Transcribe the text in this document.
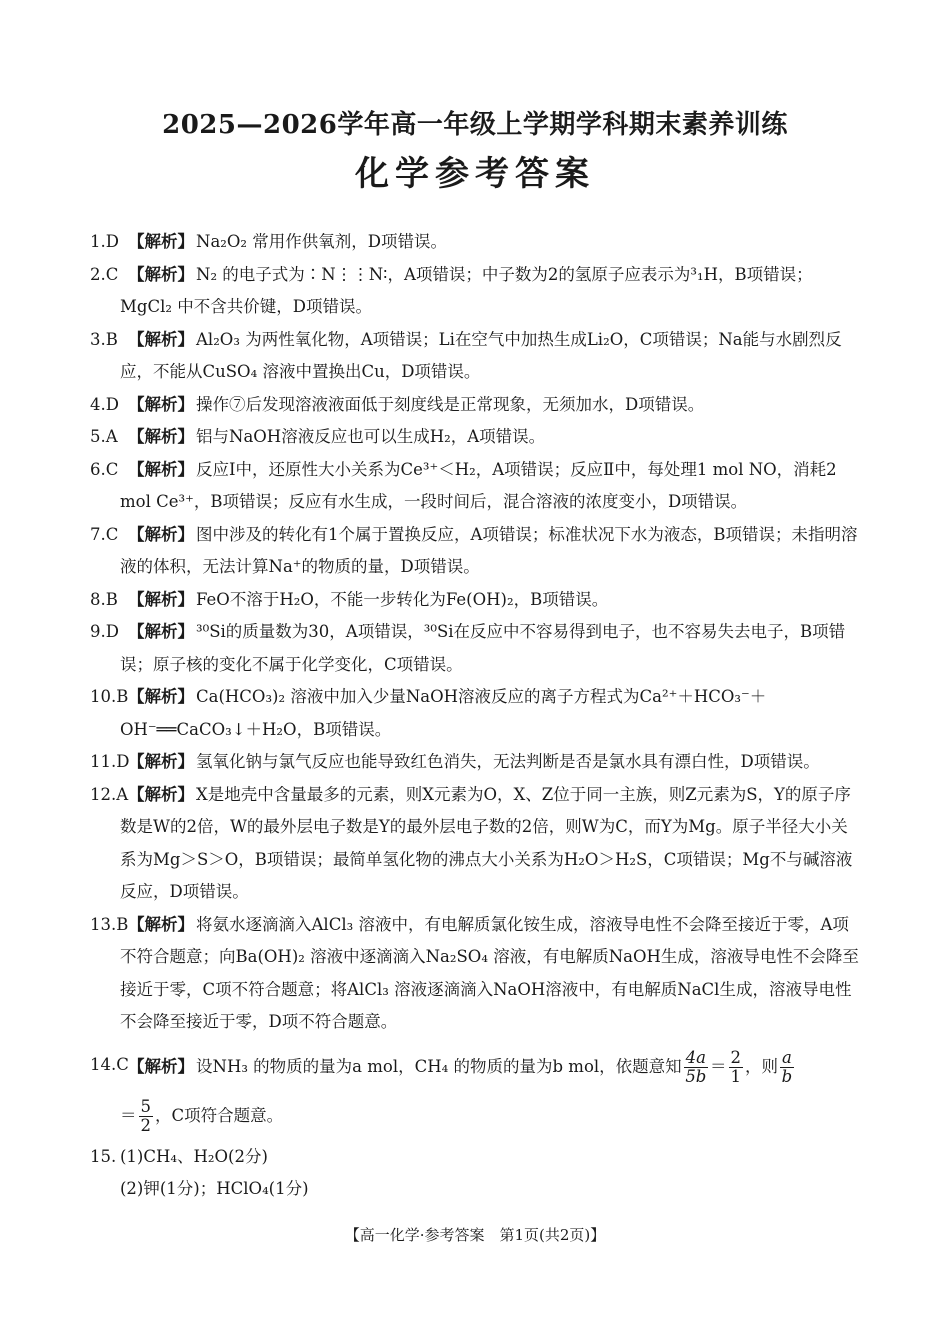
2025—2026学年高一年级上学期学科期末素养训练
化学参考答案
1.D 【解析】 Na₂O₂ 常用作供氧剂，D项错误。
2.C 【解析】 N₂ 的电子式为∶N⋮⋮N∶，A项错误；中子数为2的氢原子应表示为³₁H，B项错误；MgCl₂ 中不含共价键，D项错误。
3.B 【解析】 Al₂O₃ 为两性氧化物，A项错误；Li在空气中加热生成Li₂O，C项错误；Na能与水剧烈反应，不能从CuSO₄ 溶液中置换出Cu，D项错误。
4.D 【解析】 操作⑦后发现溶液液面低于刻度线是正常现象，无须加水，D项错误。
5.A 【解析】 铝与NaOH溶液反应也可以生成H₂，A项错误。
6.C 【解析】 反应Ⅰ中，还原性大小关系为Ce³⁺＜H₂，A项错误；反应Ⅱ中，每处理1 mol NO，消耗2 mol Ce³⁺，B项错误；反应有水生成，一段时间后，混合溶液的浓度变小，D项错误。
7.C 【解析】 图中涉及的转化有1个属于置换反应，A项错误；标准状况下水为液态，B项错误；未指明溶液的体积，无法计算Na⁺的物质的量，D项错误。
8.B 【解析】 FeO不溶于H₂O，不能一步转化为Fe(OH)₂，B项错误。
9.D 【解析】 ³⁰Si的质量数为30，A项错误，³⁰Si在反应中不容易得到电子，也不容易失去电子，B项错误；原子核的变化不属于化学变化，C项错误。
10.B 【解析】 Ca(HCO₃)₂ 溶液中加入少量NaOH溶液反应的离子方程式为Ca²⁺＋HCO₃⁻＋OH⁻══CaCO₃↓＋H₂O，B项错误。
11.D
【解析】 氢氧化钠与氯气反应也能导致红色消失，无法判断是否是氯水具有漂白性，D项错误。
12.A 【解析】 X是地壳中含量最多的元素，则X元素为O，X、Z位于同一主族，则Z元素为S，Y的原子序数是W的2倍，W的最外层电子数是Y的最外层电子数的2倍，则W为C，而Y为Mg。原子半径大小关系为Mg＞S＞O，B项错误；最简单氢化物的沸点大小关系为H₂O＞H₂S，C项错误；Mg不与碱溶液反应，D项错误。
13.B 【解析】 将氨水逐滴滴入AlCl₃ 溶液中，有电解质氯化铵生成，溶液导电性不会降至接近于零，A项不符合题意；向Ba(OH)₂ 溶液中逐滴滴入Na₂SO₄ 溶液，有电解质NaOH生成，溶液导电性不会降至接近于零，C项不符合题意；将AlCl₃ 溶液逐滴滴入NaOH溶液中，有电解质NaCl生成，溶液导电性不会降至接近于零，D项不符合题意。
14.C 【解析】 设NH₃ 的物质的量为a mol，CH₄ 的物质的量为b mol，依题意知 $\frac{4a}{5b} = \frac{2}{1}$ ，则 $\frac{a}{b}$
＝ $\frac{5}{2}$ ，C项符合题意。
15. (1)CH₄、H₂O(2分)
(2)钾(1分)；HClO₄(1分)
【高一化学·参考答案　第1页(共2页)】
